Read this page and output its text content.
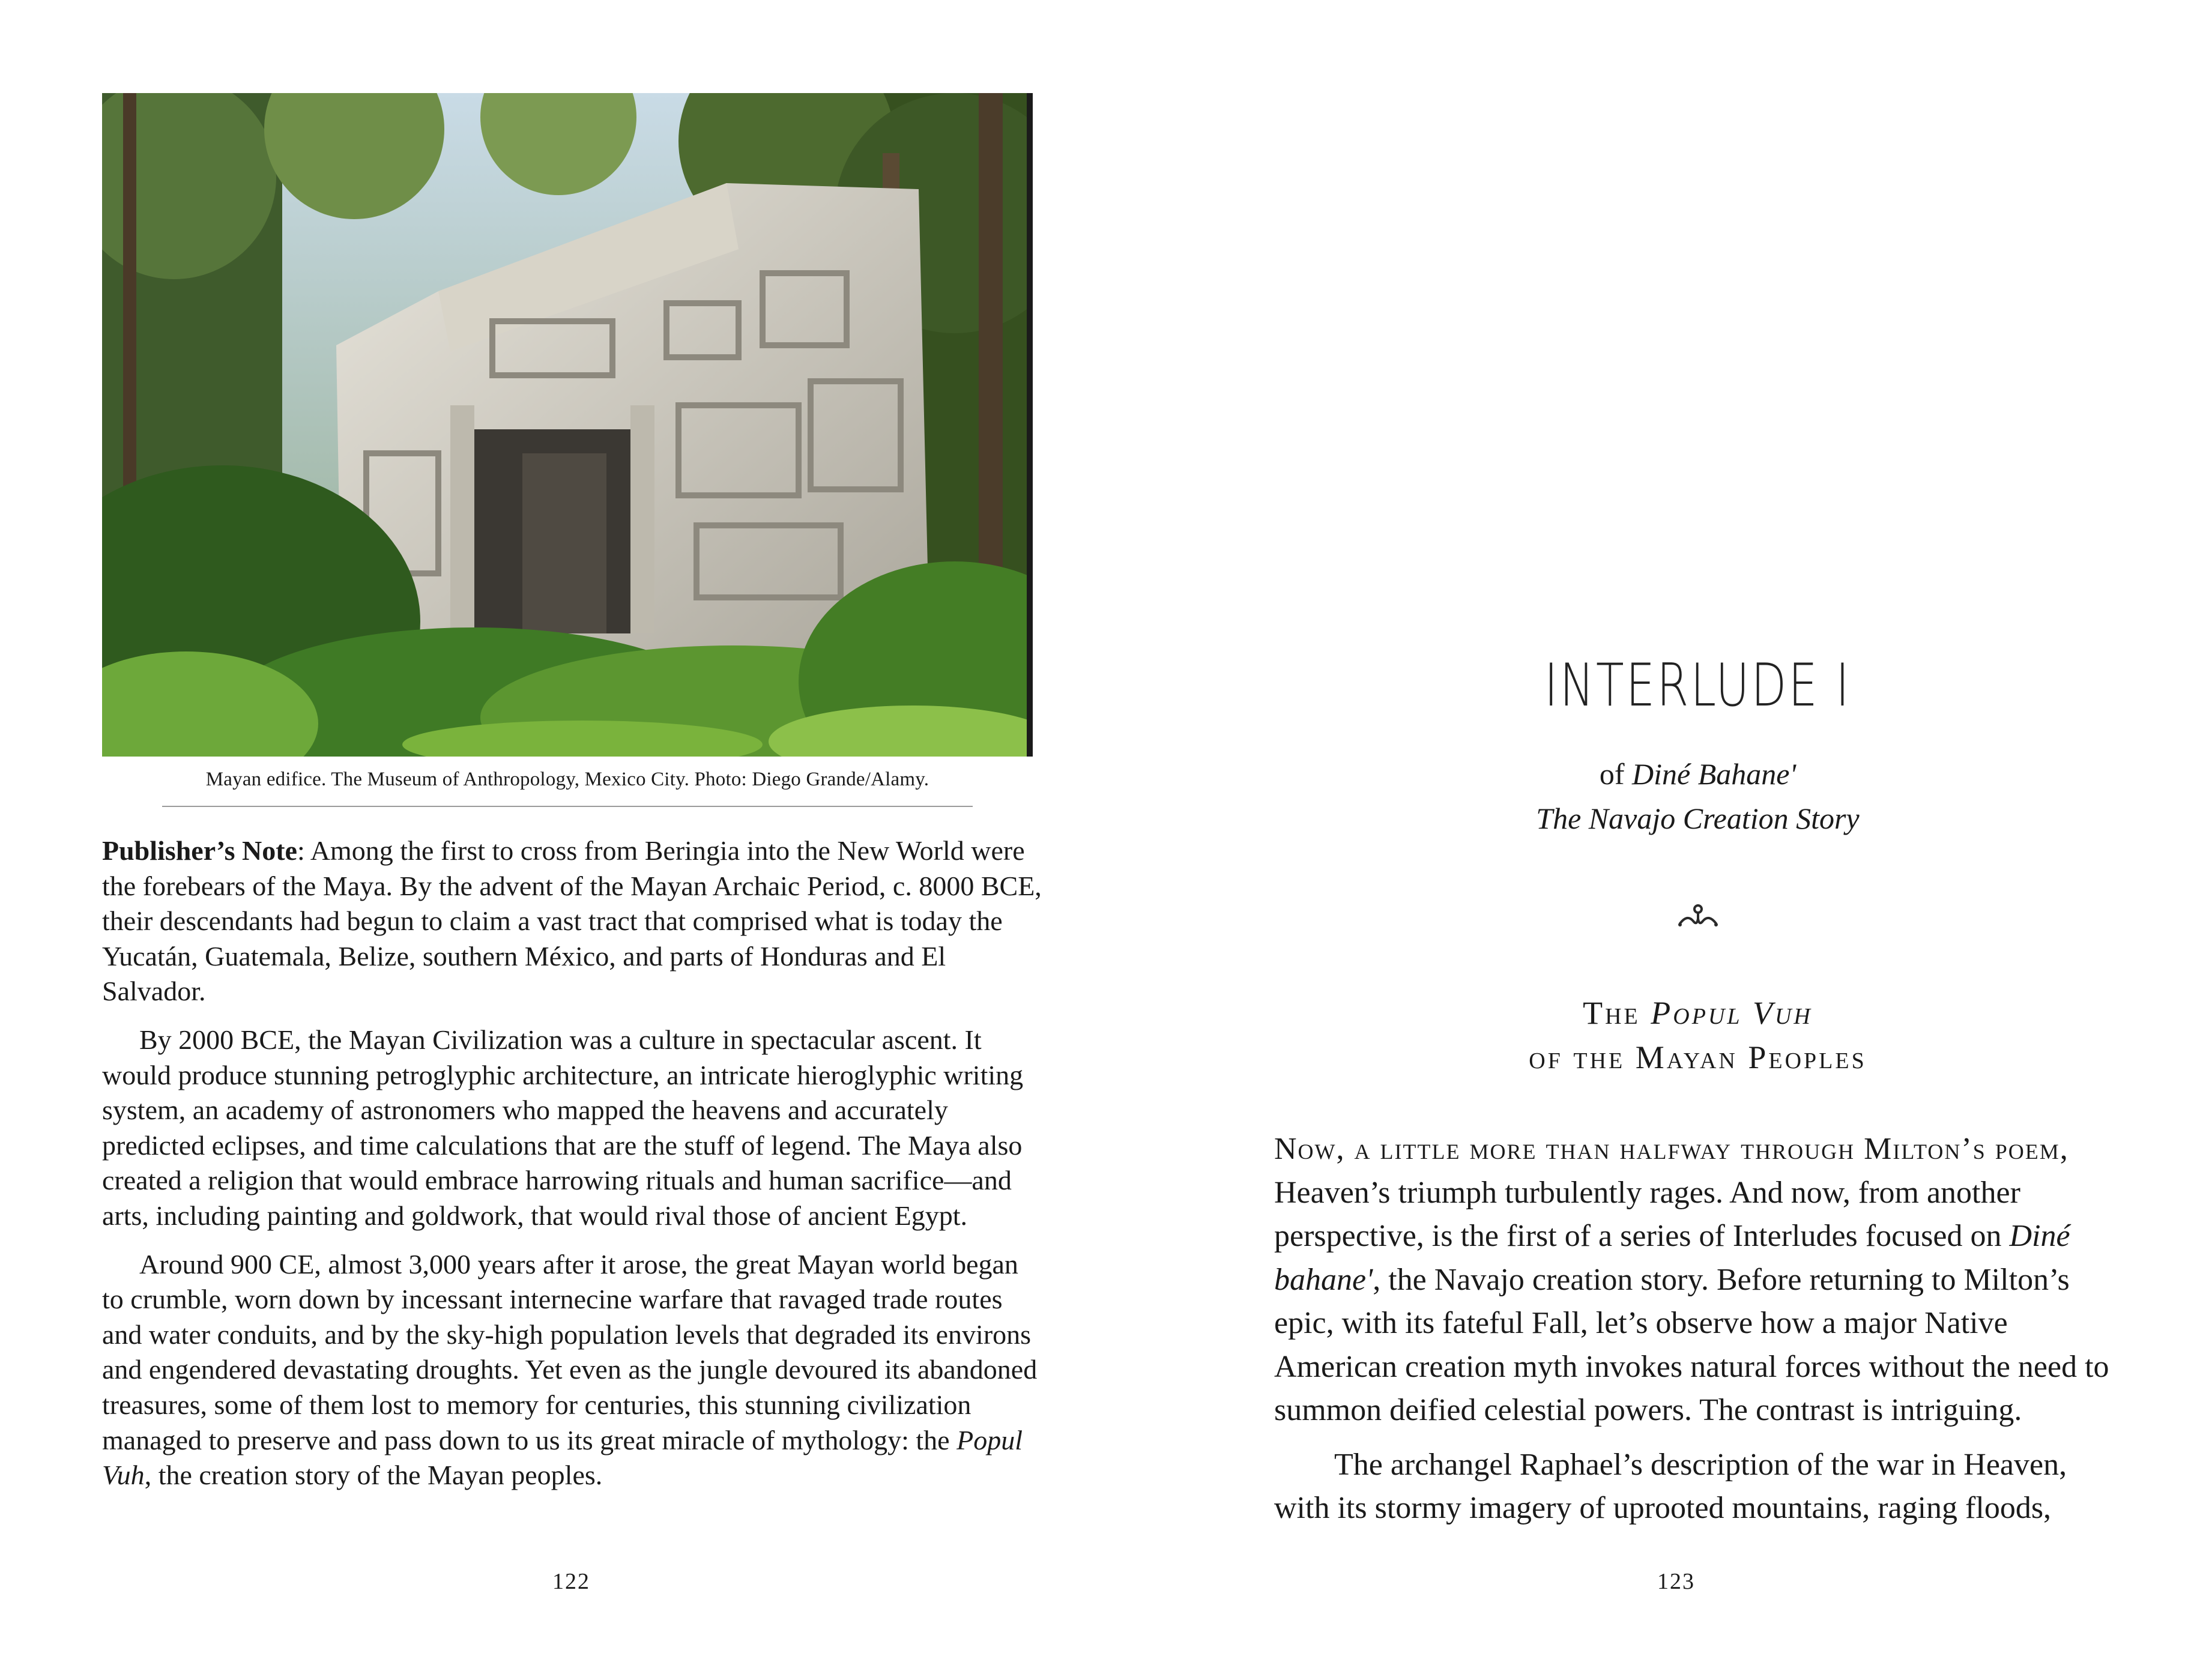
Mayan edifice. The Museum of Anthropology, Mexico City. Photo: Diego Grande/Alamy.

Publisher’s Note: Among the first to cross from Beringia into the New World were the forebears of the Maya. By the advent of the Mayan Archaic Period, c. 8000 BCE, their descendants had begun to claim a vast tract that comprised what is today the Yucatán, Guatemala, Belize, southern México, and parts of Honduras and El Salvador.

By 2000 BCE, the Mayan Civilization was a culture in spectacular ascent. It would produce stunning petroglyphic architecture, an intricate hieroglyphic writing system, an academy of astronomers who mapped the heavens and accurately predicted eclipses, and time calculations that are the stuff of legend. The Maya also created a religion that would embrace harrowing rituals and human sacrifice—and arts, including painting and goldwork, that would rival those of ancient Egypt.

Around 900 CE, almost 3,000 years after it arose, the great Mayan world began to crumble, worn down by incessant internecine warfare that ravaged trade routes and water conduits, and by the sky-high population levels that degraded its environs and engendered devastating droughts. Yet even as the jungle devoured its abandoned treasures, some of them lost to memory for centuries, this stunning civilization managed to preserve and pass down to us its great miracle of mythology: the Popul Vuh, the creation story of the Mayan peoples.

122
INTERLUDE I
of Diné Bahane'
The Navajo Creation Story
The Popul Vuh
of the Mayan Peoples

Now, a little more than halfway through Milton’s poem, Heaven’s triumph turbulently rages. And now, from another perspective, is the first of a series of Interludes focused on Diné bahane', the Navajo creation story. Before returning to Milton’s epic, with its fateful Fall, let’s observe how a major Native American creation myth invokes natural forces without the need to summon deified celestial powers. The contrast is intriguing.

The archangel Raphael’s description of the war in Heaven, with its stormy imagery of uprooted mountains, raging floods,

123
